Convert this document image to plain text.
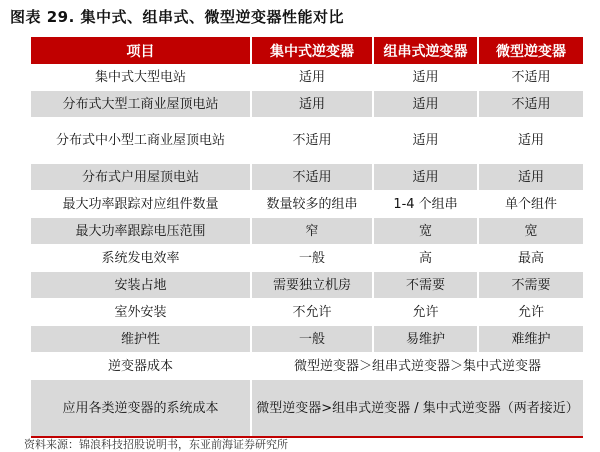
图表 29. 集中式、组串式、微型逆变器性能对比
项目	集中式逆变器	组串式逆变器	微型逆变器
集中式大型电站	适用	适用	不适用
分布式大型工商业屋顶电站	适用	适用	不适用
分布式中小型工商业屋顶电站	不适用	适用	适用
分布式户用屋顶电站	不适用	适用	适用
最大功率跟踪对应组件数量	数量较多的组串	1-4 个组串	单个组件
最大功率跟踪电压范围	窄	宽	宽
系统发电效率	一般	高	最高
安装占地	需要独立机房	不需要	不需要
室外安装	不允许	允许	允许
维护性	一般	易维护	难维护
逆变器成本	微型逆变器＞组串式逆变器＞集中式逆变器		
应用各类逆变器的系统成本	微型逆变器>组串式逆变器 / 集中式逆变器（两者接近）		
资料来源：锦浪科技招股说明书，东亚前海证券研究所
